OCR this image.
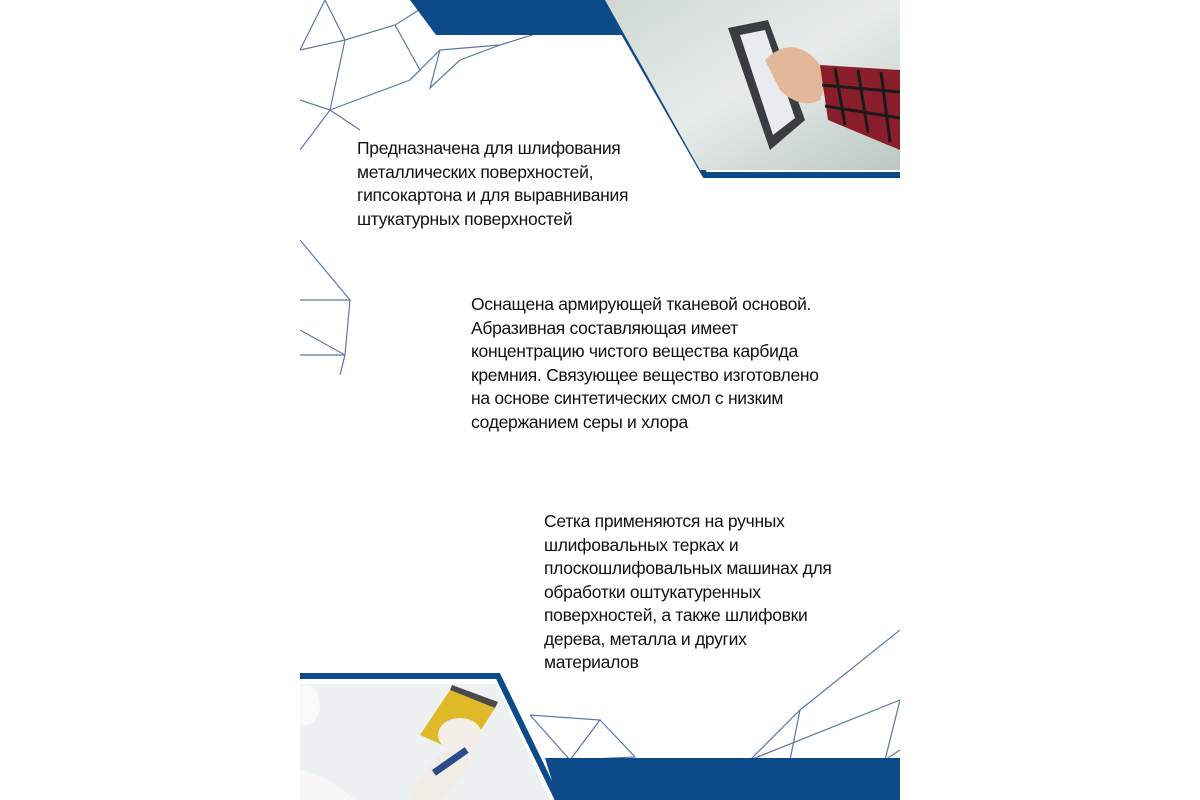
Предназначена для шлифования
металлических поверхностей,
гипсокартона и для выравнивания
штукатурных поверхностей

Оснащена армирующей тканевой основой.
Абразивная составляющая имеет
концентрацию чистого вещества карбида
кремния. Связующее вещество изготовлено
на основе синтетических смол с низким
содержанием серы и хлора

Сетка применяются на ручных
шлифовальных терках и
плоскошлифовальных машинах для
обработки оштукатуренных
поверхностей, а также шлифовки
дерева, металла и других
материалов
